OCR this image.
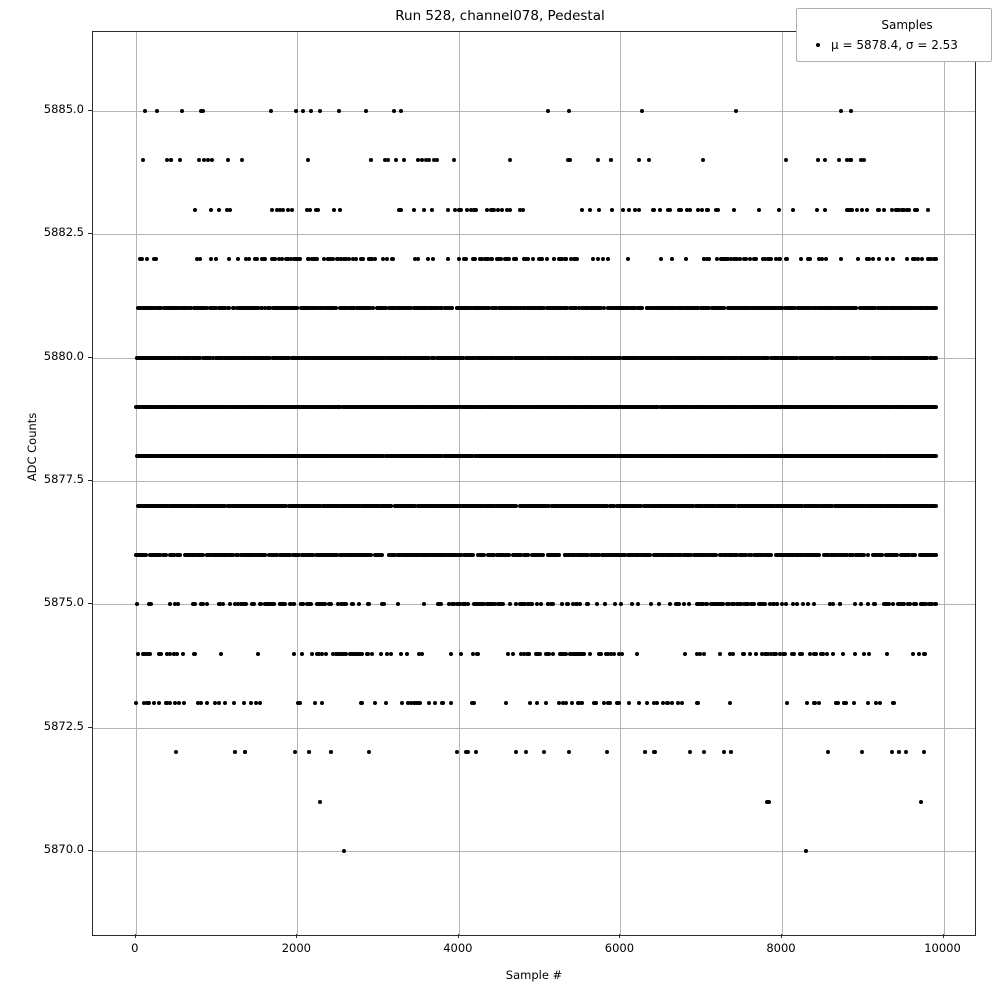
Run 528, channel078, Pedestal
Sample #
ADC Counts
Samples
μ = 5878.4, σ = 2.53
0	2000	4000	6000	8000	10000
5870.0
5872.5
5875.0
5877.5
5880.0
5882.5
5885.0
